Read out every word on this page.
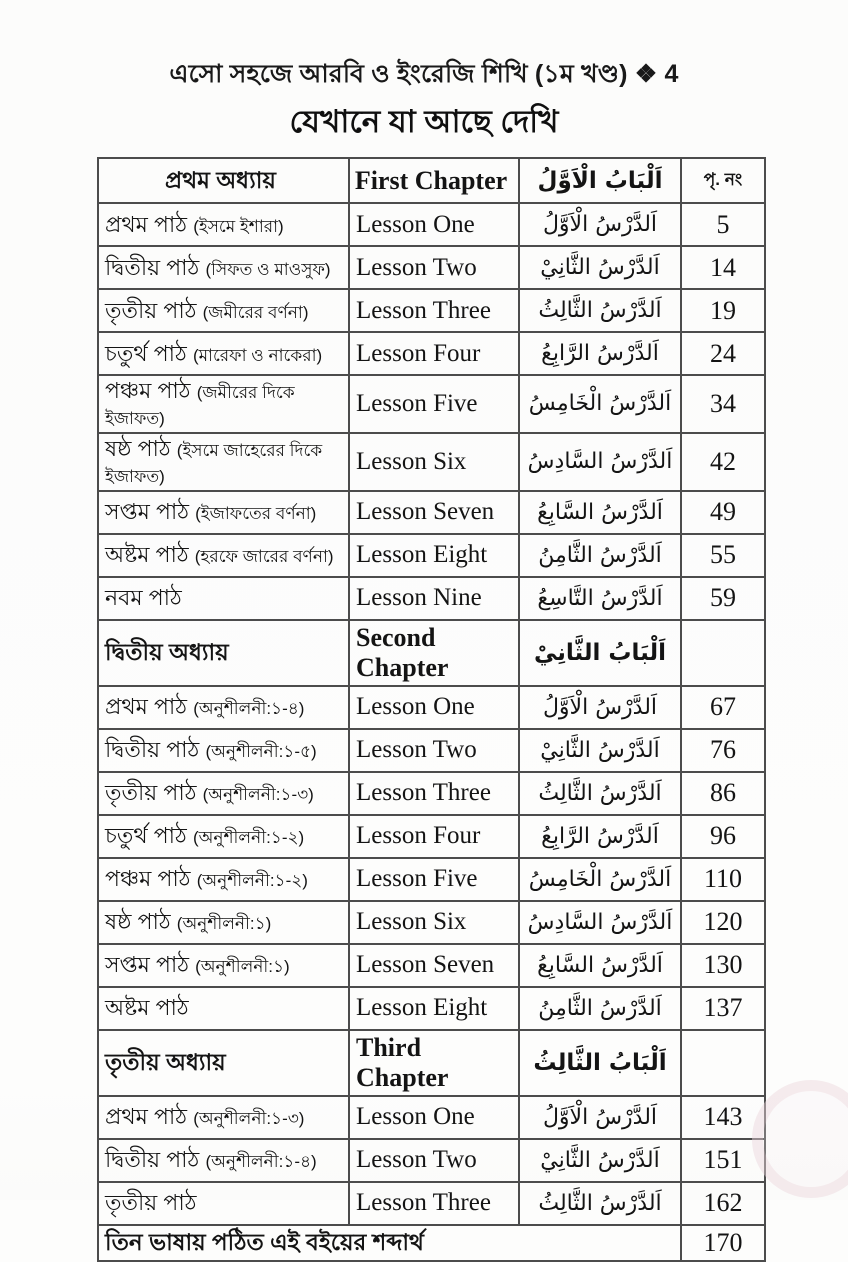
এসো সহজে আরবি ও ইংরেজি শিখি (১ম খণ্ড) ❖ 4
যেখানে যা আছে দেখি
প্রথম অধ্যায়	First Chapter	اَلْبَابُ الْاَوَّلُ	পৃ. নং
প্রথম পাঠ (ইসমে ইশারা)	Lesson One	اَلدَّرْسُ الْاَوَّلُ	5
দ্বিতীয় পাঠ (সিফত ও মাওসুফ)	Lesson Two	اَلدَّرْسُ الثَّانِيْ	14
তৃতীয় পাঠ (জমীরের বর্ণনা)	Lesson Three	اَلدَّرْسُ الثَّالِثُ	19
চতুর্থ পাঠ (মারেফা ও নাকেরা)	Lesson Four	اَلدَّرْسُ الرَّابِعُ	24
পঞ্চম পাঠ (জমীরের দিকে ইজাফত)	Lesson Five	اَلدَّرْسُ الْخَامِسُ	34
ষষ্ঠ পাঠ (ইসমে জাহেরের দিকে ইজাফত)	Lesson Six	اَلدَّرْسُ السَّادِسُ	42
সপ্তম পাঠ (ইজাফতের বর্ণনা)	Lesson Seven	اَلدَّرْسُ السَّابِعُ	49
অষ্টম পাঠ (হরফে জারের বর্ণনা)	Lesson Eight	اَلدَّرْسُ الثَّامِنُ	55
নবম পাঠ	Lesson Nine	اَلدَّرْسُ التَّاسِعُ	59
দ্বিতীয় অধ্যায়	Second Chapter	اَلْبَابُ الثَّانِيْ	
প্রথম পাঠ (অনুশীলনী:১-৪)	Lesson One	اَلدَّرْسُ الْاَوَّلُ	67
দ্বিতীয় পাঠ (অনুশীলনী:১-৫)	Lesson Two	اَلدَّرْسُ الثَّانِيْ	76
তৃতীয় পাঠ (অনুশীলনী:১-৩)	Lesson Three	اَلدَّرْسُ الثَّالِثُ	86
চতুর্থ পাঠ (অনুশীলনী:১-২)	Lesson Four	اَلدَّرْسُ الرَّابِعُ	96
পঞ্চম পাঠ (অনুশীলনী:১-২)	Lesson Five	اَلدَّرْسُ الْخَامِسُ	110
ষষ্ঠ পাঠ (অনুশীলনী:১)	Lesson Six	اَلدَّرْسُ السَّادِسُ	120
সপ্তম পাঠ (অনুশীলনী:১)	Lesson Seven	اَلدَّرْسُ السَّابِعُ	130
অষ্টম পাঠ	Lesson Eight	اَلدَّرْسُ الثَّامِنُ	137
তৃতীয় অধ্যায়	Third Chapter	اَلْبَابُ الثَّالِثُ	
প্রথম পাঠ (অনুশীলনী:১-৩)	Lesson One	اَلدَّرْسُ الْاَوَّلُ	143
দ্বিতীয় পাঠ (অনুশীলনী:১-৪)	Lesson Two	اَلدَّرْسُ الثَّانِيْ	151
তৃতীয় পাঠ	Lesson Three	اَلدَّرْسُ الثَّالِثُ	162
তিন ভাষায় পঠিত এই বইয়ের শব্দার্থ			170
